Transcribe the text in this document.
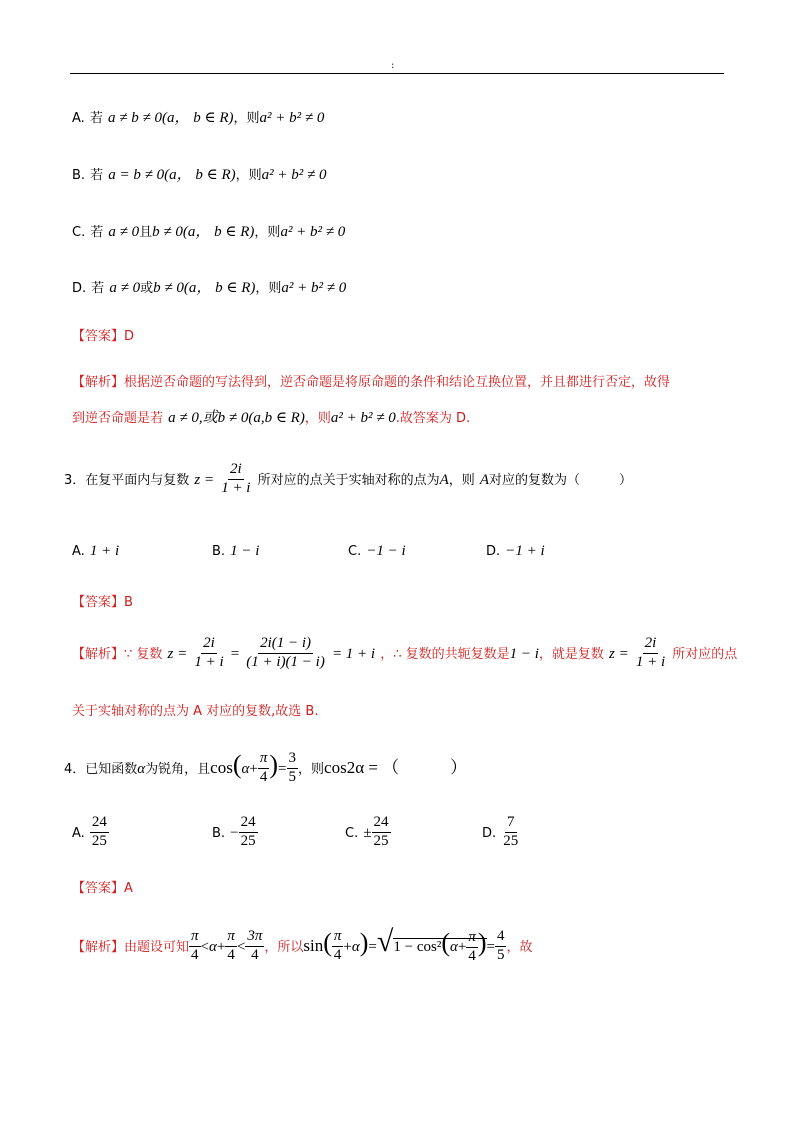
:
A. 若 a ≠ b ≠ 0(a， b ∈ R)，则a² + b² ≠ 0
B. 若 a = b ≠ 0(a， b ∈ R)，则a² + b² ≠ 0
C. 若 a ≠ 0且b ≠ 0(a， b ∈ R)，则a² + b² ≠ 0
D. 若 a ≠ 0或b ≠ 0(a， b ∈ R)，则a² + b² ≠ 0
【答案】D
【解析】根据逆否命题的写法得到，逆否命题是将原命题的条件和结论互换位置，并且都进行否定，故得
到逆否命题是若 a ≠ 0,或b ≠ 0(a,b ∈ R)，则a² + b² ≠ 0.故答案为 D.
3．在复平面内与复数 $z = \frac{2i}{1 + i}$ 所对应的点关于实轴对称的点为A，则 A对应的复数为（　　　）
A. 1 + i	B. 1 − i	C. −1 − i	D. −1 + i
【答案】B
【解析】∵ 复数 $z = \frac{2i}{1 + i} = \frac{2i(1 - i)}{(1 + i)(1 - i)} = 1 + i$ ，∴ 复数的共轭复数是1 − i，就是复数 $z = \frac{2i}{1 + i}$ 所对应的点
关于实轴对称的点为 A 对应的复数,故选 B.
4．已知函数α为锐角，且$\cos(\alpha+ \frac{\pi}{4}$ )= $\frac{3}{5}$ ，则cos2α = （　　　）
A. $\frac{24}{25}$	B. − $\frac{24}{25}$	C. ± $\frac{24}{25}$	D. $\frac{7}{25}$
【答案】A
【解析】由题设可知 $\frac{\pi}{4} <\alpha+ \frac{\pi}{4} < \frac{3\pi}{4}$ ，所以$\sin( \frac{\pi}{4} +\alpha)=√1 - \cos^2(\alpha+ \frac{\pi}{4}$ )= $\frac{4}{5}$ ，故
